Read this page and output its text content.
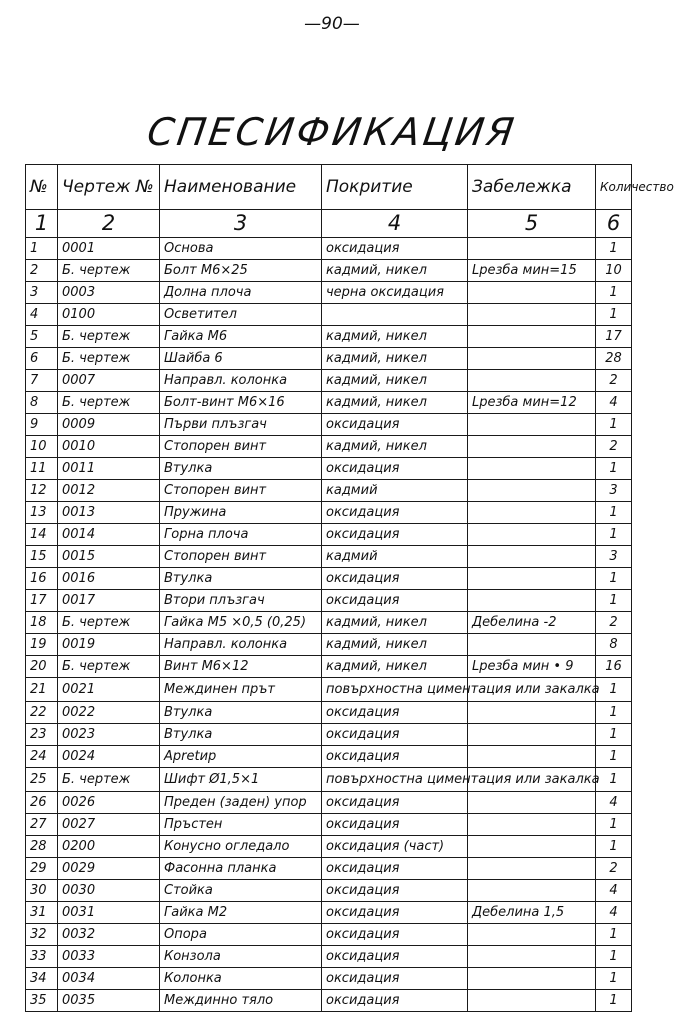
—90—
СПЕСИФИКАЦИЯ
№	Чертеж №	Наименование	Покритие	Забележка	Количество
1	2	3	4	5	6
1	0001	Основа	оксидация		1
2	Б. чертеж	Болт М6×25	кадмий, никел	Lрезба мин=15	10
3	0003	Долна плоча	черна оксидация		1
4	0100	Осветител			1
5	Б. чертеж	Гайка М6	кадмий, никел		17
6	Б. чертеж	Шайба 6	кадмий, никел		28
7	0007	Направл. колонка	кадмий, никел		2
8	Б. чертеж	Болт-винт М6×16	кадмий, никел	Lрезба мин=12	4
9	0009	Първи плъзгач	оксидация		1
10	0010	Стопорен винт	кадмий, никел		2
11	0011	Втулка	оксидация		1
12	0012	Стопорен винт	кадмий		3
13	0013	Пружина	оксидация		1
14	0014	Горна плоча	оксидация		1
15	0015	Стопорен винт	кадмий		3
16	0016	Втулка	оксидация		1
17	0017	Втори плъзгач	оксидация		1
18	Б. чертеж	Гайка М5 ×0,5 (0,25)	кадмий, никел	Дебелина -2	2
19	0019	Направл. колонка	кадмий, никел		8
20	Б. чертеж	Винт М6×12	кадмий, никел	Lрезба мин • 9	16
21	0021	Междинен прът	повърхностна циментация или закалка		1
22	0022	Втулка	оксидация		1
23	0023	Втулка	оксидация		1
24	0024	Арretир	оксидация		1
25	Б. чертеж	Шифт Ø1,5×1	повърхностна циментация или закалка		1
26	0026	Преден (заден) упор	оксидация		4
27	0027	Пръстен	оксидация		1
28	0200	Конусно огледало	оксидация (част)		1
29	0029	Фасонна планка	оксидация		2
30	0030	Стойка	оксидация		4
31	0031	Гайка М2	оксидация	Дебелина 1,5	4
32	0032	Опора	оксидация		1
33	0033	Конзола	оксидация		1
34	0034	Колонка	оксидация		1
35	0035	Междинно тяло	оксидация		1
